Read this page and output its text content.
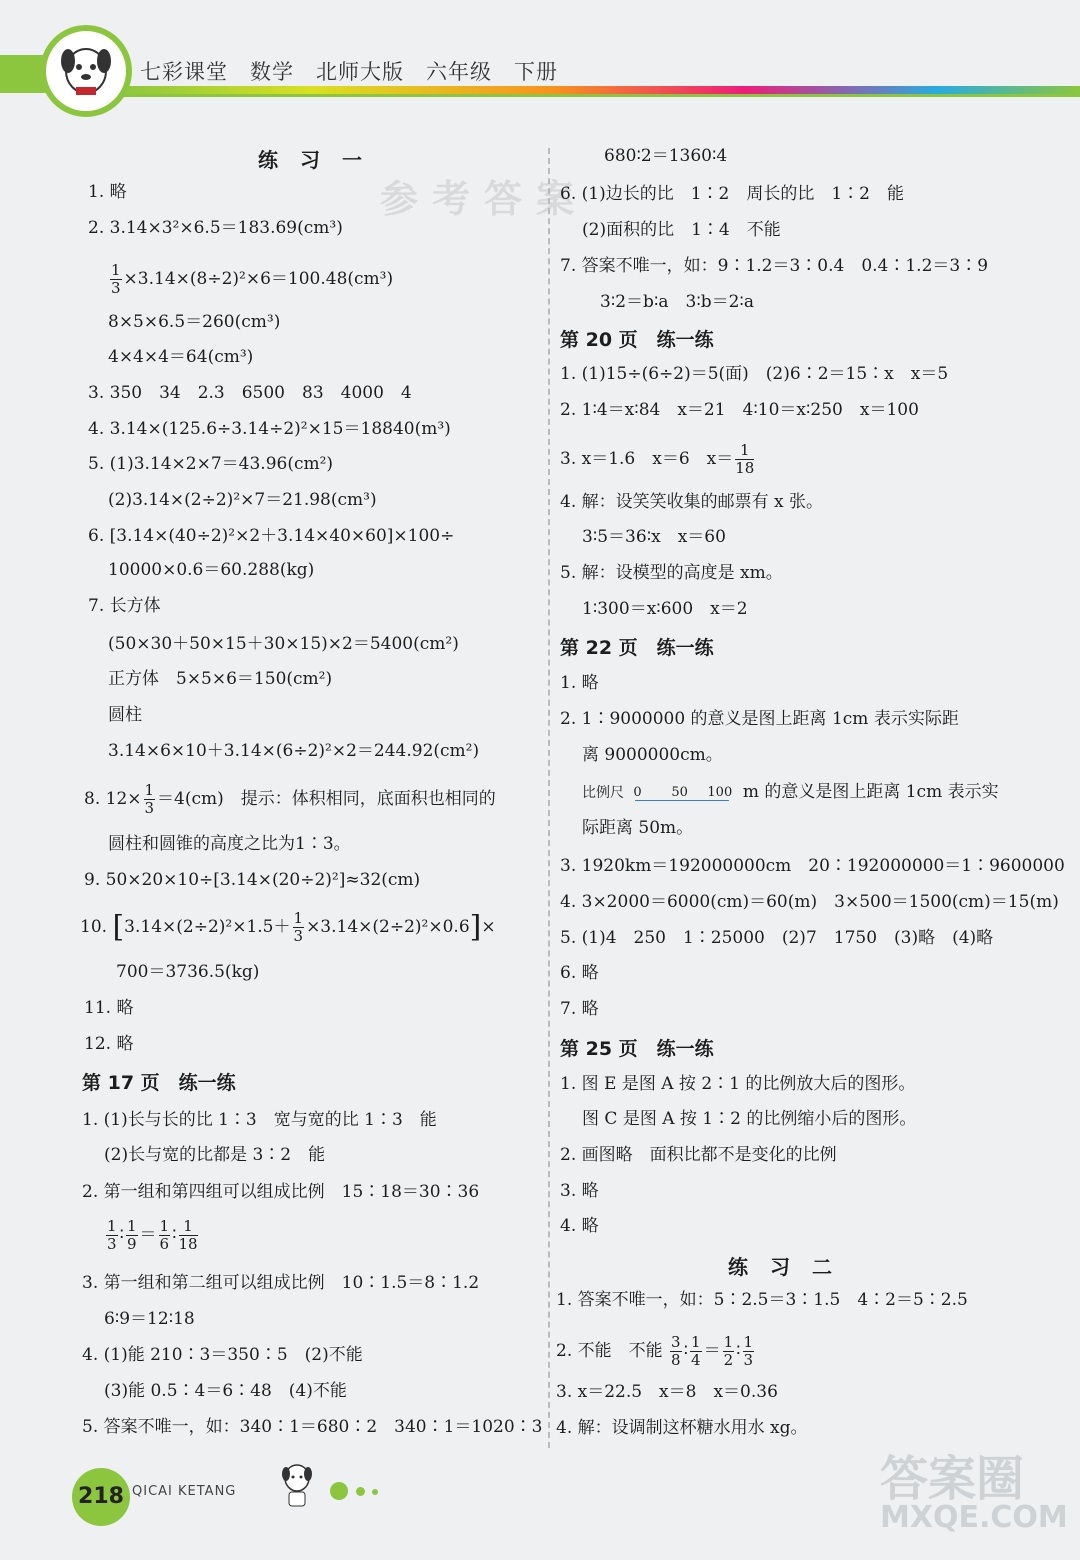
七彩课堂　数学　北师大版　六年级　下册
参考答案
练习一
1. 略
2. 3.14×3²×6.5＝183.69(cm³)
$\frac{1}{3} \times 3.14\times(8\div 2)^2\times 6=100.48(cm^3)$
8×5×6.5＝260(cm³)
4×4×4＝64(cm³)
3. 350　34　2.3　6500　83　4000　4
4. 3.14×(125.6÷3.14÷2)²×15＝18840(m³)
5. (1)3.14×2×7＝43.96(cm²)
(2)3.14×(2÷2)²×7＝21.98(cm³)
6. [3.14×(40÷2)²×2＋3.14×40×60]×100÷
10000×0.6＝60.288(kg)
7. 长方体
(50×30＋50×15＋30×15)×2＝5400(cm²)
正方体　5×5×6＝150(cm²)
圆柱
3.14×6×10＋3.14×(6÷2)²×2＝244.92(cm²)
8. $12\times \frac{1}{3} =4(cm)$　提示：体积相同，底面积也相同的
圆柱和圆锥的高度之比为1∶3。
9. 50×20×10÷[3.14×(20÷2)²]≈32(cm)
10. $[3.14\times(2\div 2)^2\times 1.5+ \frac{1}{3} \times 3.14\times(2\div 2)^2\times 0.6]\times$
700＝3736.5(kg)
11. 略
12. 略
第 17 页　练一练
1. (1)长与长的比 1∶3　宽与宽的比 1∶3　能
(2)长与宽的比都是 3∶2　能
2. 第一组和第四组可以组成比例　15∶18＝30∶36
$\frac{1}{3}$ ∶ $\frac{1}{9} = \frac{1}{6}$ ∶ $\frac{1}{18}$
3. 第一组和第二组可以组成比例　10∶1.5＝8∶1.2
6∶9＝12∶18
4. (1)能 210∶3＝350∶5　(2)不能
(3)能 0.5∶4＝6∶48　(4)不能
5. 答案不唯一，如：340∶1＝680∶2　340∶1＝1020∶3
680∶2＝1360∶4
6. (1)边长的比　1∶2　周长的比　1∶2　能
(2)面积的比　1∶4　不能
7. 答案不唯一，如：9∶1.2＝3∶0.4　0.4∶1.2＝3∶9
3∶2＝b∶a　3∶b＝2∶a
第 20 页　练一练
1. (1)15÷(6÷2)＝5(面)　(2)6∶2＝15∶x　x＝5
2. 1∶4＝x∶84　x＝21　4∶10＝x∶250　x＝100
3. x＝1.6　x＝6　$x= \frac{1}{18}$
4. 解：设笑笑收集的邮票有 x 张。
3∶5＝36∶x　x＝60
5. 解：设模型的高度是 xm。
1∶300＝x∶600　x＝2
第 22 页　练一练
1. 略
2. 1∶9000000 的意义是图上距离 1cm 表示实际距
离 9000000cm。
比例尺 0 50 100 m 的意义是图上距离 1cm 表示实
际距离 50m。
3. 1920km＝192000000cm　20∶192000000＝1∶9600000
4. 3×2000＝6000(cm)＝60(m)　3×500＝1500(cm)＝15(m)
5. (1)4　250　1∶25000　(2)7　1750　(3)略　(4)略
6. 略
7. 略
第 25 页　练一练
1. 图 E 是图 A 按 2∶1 的比例放大后的图形。
图 C 是图 A 按 1∶2 的比例缩小后的图形。
2. 画图略　面积比都不是变化的比例
3. 略
4. 略
练习二
1. 答案不唯一，如：5∶2.5＝3∶1.5　4∶2＝5∶2.5
2. 不能　不能 $\frac{3}{8}$ ∶ $\frac{1}{4} = \frac{1}{2}$ ∶ $\frac{1}{3}$
3. x＝22.5　x＝8　x＝0.36
4. 解：设调制这杯糖水用水 xg。
218 QICAI KETANG	答案圈
MXQE.COM
